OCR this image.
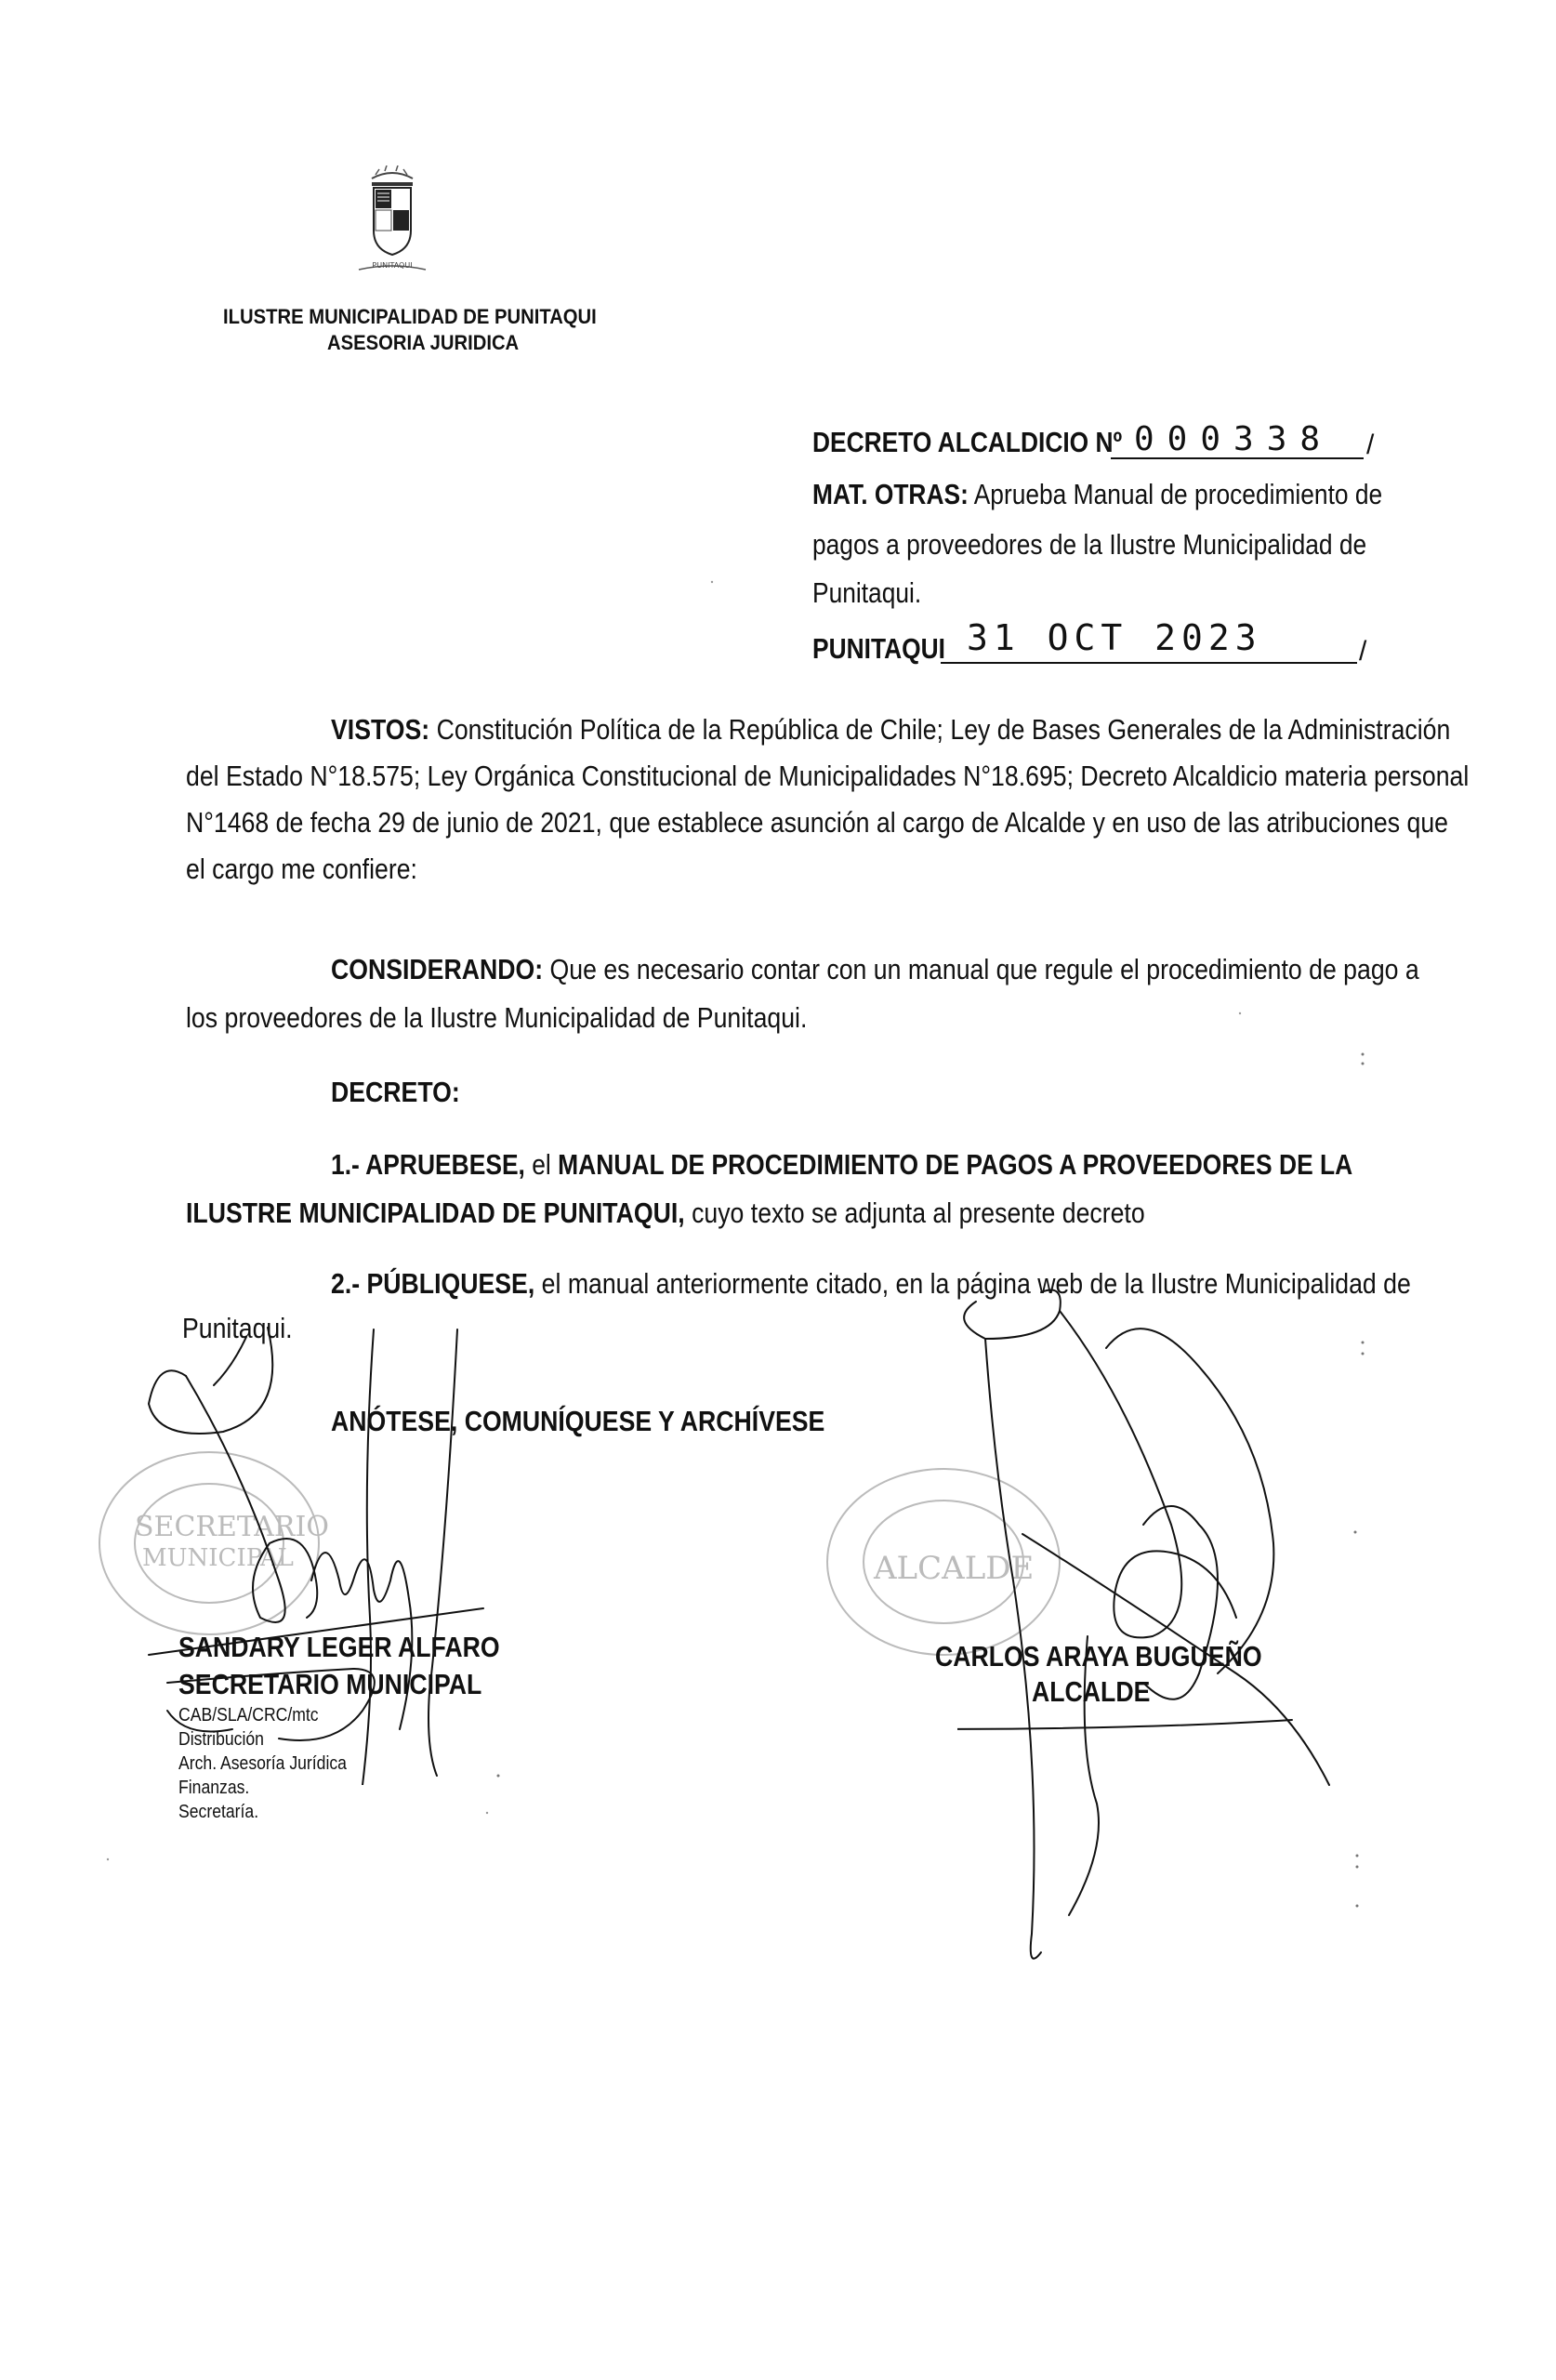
PUNITAQUI
ILUSTRE MUNICIPALIDAD DE PUNITAQUI
ASESORIA JURIDICA
DECRETO ALCALDICIO Nº 000338 /
MAT. OTRAS: Aprueba Manual de procedimiento de
pagos a proveedores de la Ilustre Municipalidad de
Punitaqui.
PUNITAQUI 31 OCT 2023	/
VISTOS: Constitución Política de la República de Chile; Ley de Bases Generales de la Administración
del Estado N°18.575; Ley Orgánica Constitucional de Municipalidades N°18.695; Decreto Alcaldicio materia personal
N°1468 de fecha 29 de junio de 2021, que establece asunción al cargo de Alcalde y en uso de las atribuciones que
el cargo me confiere:
CONSIDERANDO: Que es necesario contar con un manual que regule el procedimiento de pago a
los proveedores de la Ilustre Municipalidad de Punitaqui.
DECRETO:
1.- APRUEBESE, el MANUAL DE PROCEDIMIENTO DE PAGOS A PROVEEDORES DE LA
ILUSTRE MUNICIPALIDAD DE PUNITAQUI, cuyo texto se adjunta al presente decreto
2.- PÚBLIQUESE, el manual anteriormente citado, en la página web de la Ilustre Municipalidad de
Punitaqui.
ANÓTESE, COMUNÍQUESE Y ARCHÍVESE
SECRETARIO
MUNICIPAL	ALCALDE
SANDARY LEGER ALFARO
SECRETARIO MUNICIPAL
CARLOS ARAYA BUGUEÑO
ALCALDE
CAB/SLA/CRC/mtc
Distribución
Arch. Asesoría Jurídica
Finanzas.
Secretaría.
